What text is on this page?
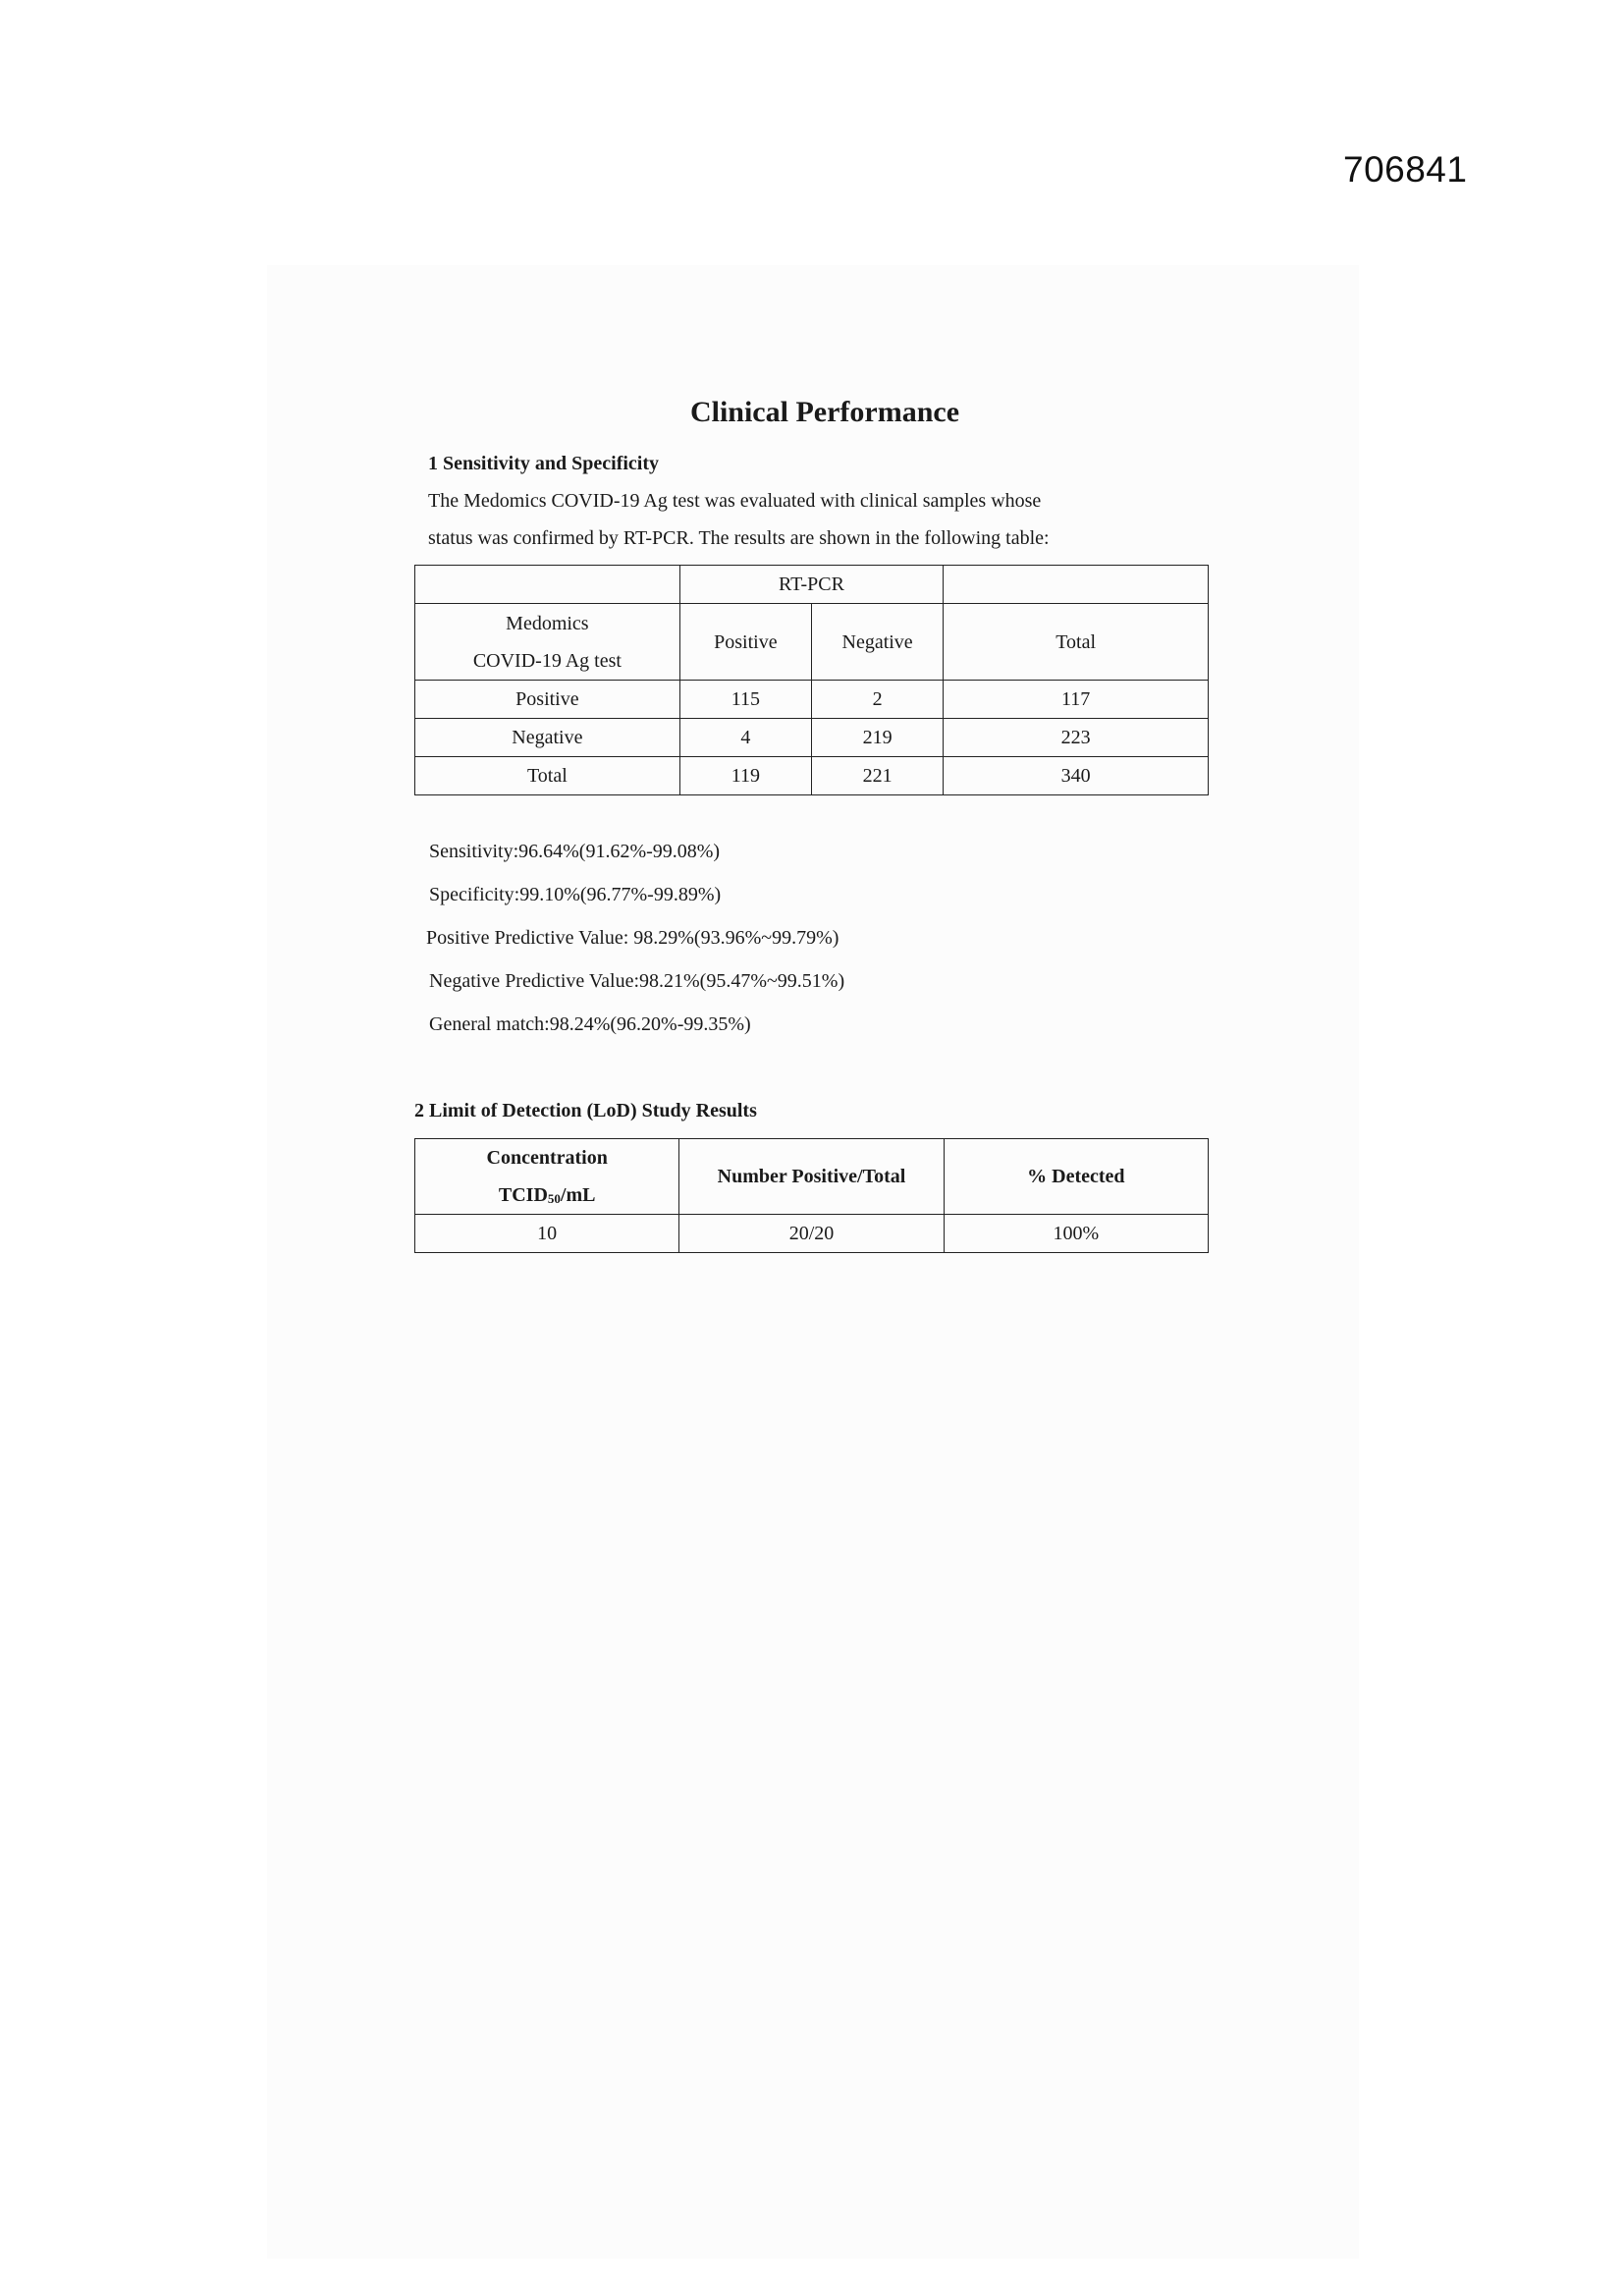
706841
Clinical Performance
1 Sensitivity and Specificity
The Medomics COVID-19 Ag test was evaluated with clinical samples whose
status was confirmed by RT-PCR. The results are shown in the following table:
	RT-PCR		

Medomics
COVID-19 Ag test	Positive	Negative	Total
Positive	115	2	117
Negative	4	219	223
Total	119	221	340
Sensitivity:96.64%(91.62%-99.08%)
Specificity:99.10%(96.77%-99.89%)
Positive Predictive Value: 98.29%(93.96%~99.79%)
Negative Predictive Value:98.21%(95.47%~99.51%)
General match:98.24%(96.20%-99.35%)
2 Limit of Detection (LoD) Study Results
Concentration
$TCID_{50}/mL$	Number Positive/Total	% Detected
10	20/20	100%
